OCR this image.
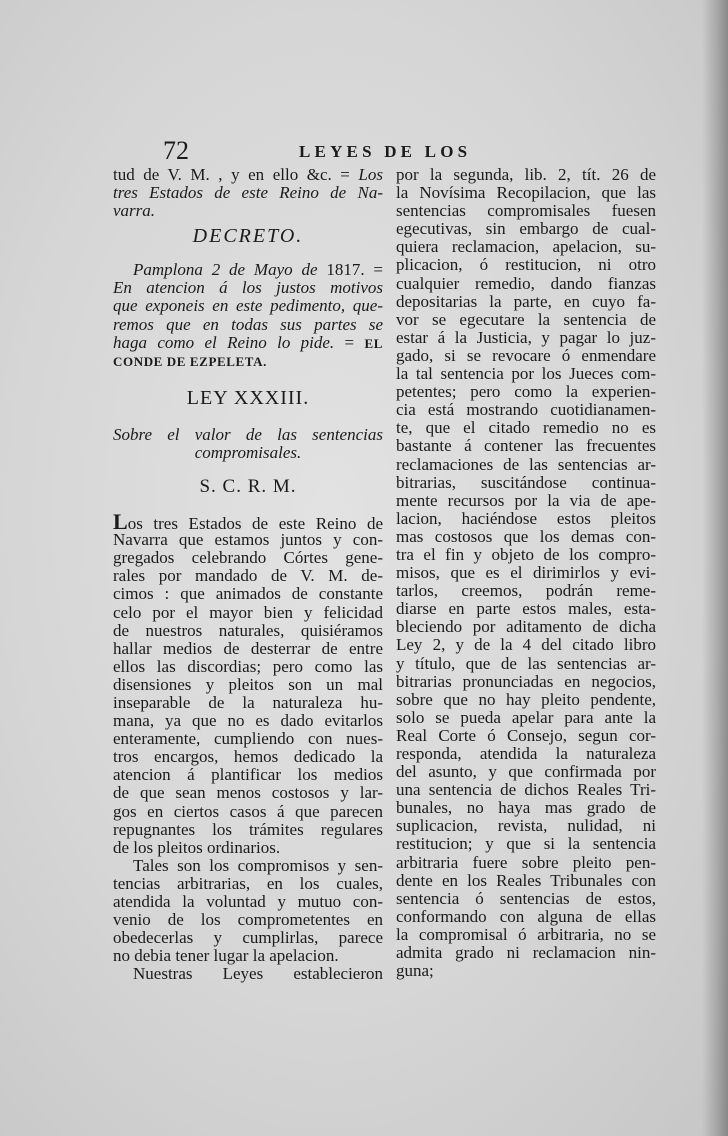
72	LEYES DE LOS
tud de V. M. , y en ello &c. = Los
tres Estados de este Reino de Na-
varra.
DECRETO.
Pamplona 2 de Mayo de 1817. =
En atencion á los justos motivos
que exponeis en este pedimento, que-
remos que en todas sus partes se
haga como el Reino lo pide. = EL
CONDE DE EZPELETA.
LEY XXXIII.
Sobre el valor de las sentencias
compromisales.
S. C. R. M.
Los tres Estados de este Reino de
Navarra que estamos juntos y con-
gregados celebrando Córtes gene-
rales por mandado de V. M. de-
cimos : que animados de constante
celo por el mayor bien y felicidad
de nuestros naturales, quisiéramos
hallar medios de desterrar de entre
ellos las discordias; pero como las
disensiones y pleitos son un mal
inseparable de la naturaleza hu-
mana, ya que no es dado evitarlos
enteramente, cumpliendo con nues-
tros encargos, hemos dedicado la
atencion á plantificar los medios
de que sean menos costosos y lar-
gos en ciertos casos á que parecen
repugnantes los trámites regulares
de los pleitos ordinarios.
Tales son los compromisos y sen-
tencias arbitrarias, en los cuales,
atendida la voluntad y mutuo con-
venio de los comprometentes en
obedecerlas y cumplirlas, parece
no debia tener lugar la apelacion.
Nuestras Leyes establecieron
por la segunda, lib. 2, tít. 26 de
la Novísima Recopilacion, que las
sentencias compromisales fuesen
egecutivas, sin embargo de cual-
quiera reclamacion, apelacion, su-
plicacion, ó restitucion, ni otro
cualquier remedio, dando fianzas
depositarias la parte, en cuyo fa-
vor se egecutare la sentencia de
estar á la Justicia, y pagar lo juz-
gado, si se revocare ó enmendare
la tal sentencia por los Jueces com-
petentes; pero como la experien-
cia está mostrando cuotidianamen-
te, que el citado remedio no es
bastante á contener las frecuentes
reclamaciones de las sentencias ar-
bitrarias, suscitándose continua-
mente recursos por la via de ape-
lacion, haciéndose estos pleitos
mas costosos que los demas con-
tra el fin y objeto de los compro-
misos, que es el dirimirlos y evi-
tarlos, creemos, podrán reme-
diarse en parte estos males, esta-
bleciendo por aditamento de dicha
Ley 2, y de la 4 del citado libro
y título, que de las sentencias ar-
bitrarias pronunciadas en negocios,
sobre que no hay pleito pendente,
solo se pueda apelar para ante la
Real Corte ó Consejo, segun cor-
responda, atendida la naturaleza
del asunto, y que confirmada por
una sentencia de dichos Reales Tri-
bunales, no haya mas grado de
suplicacion, revista, nulidad, ni
restitucion; y que si la sentencia
arbitraria fuere sobre pleito pen-
dente en los Reales Tribunales con
sentencia ó sentencias de estos,
conformando con alguna de ellas
la compromisal ó arbitraria, no se
admita grado ni reclamacion nin-
guna;
